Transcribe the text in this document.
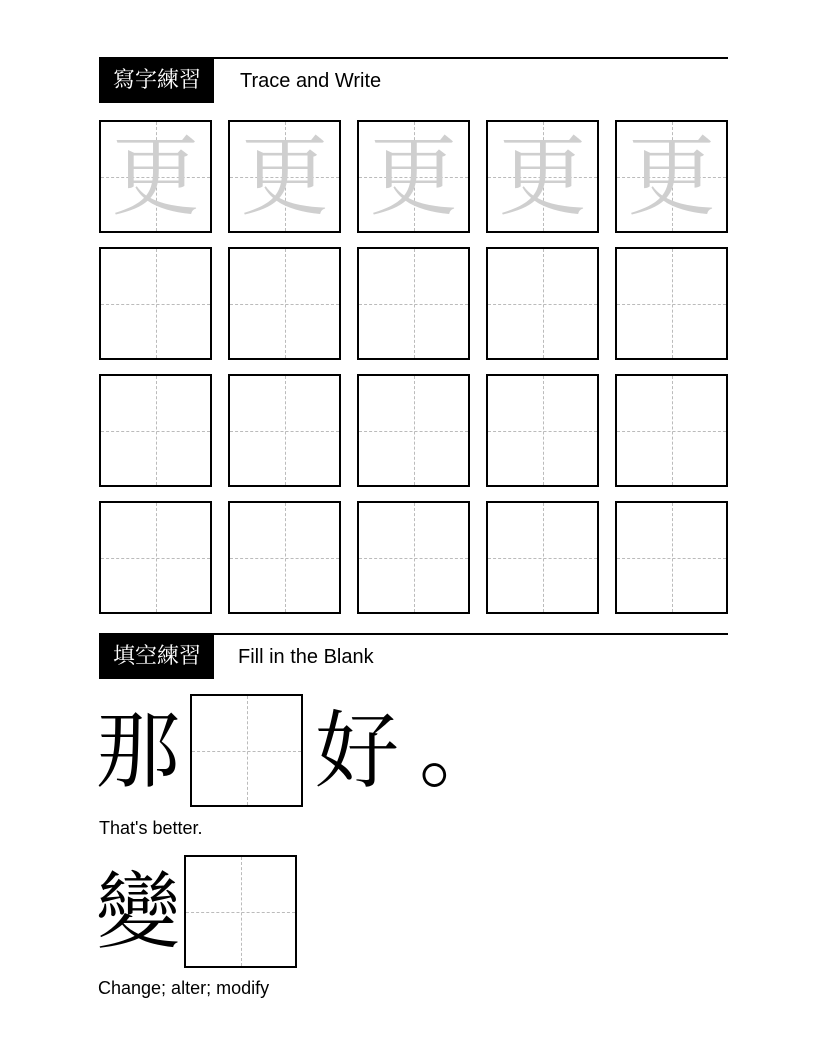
寫字練習	Trace and Write
更 更 更 更 更
填空練習	Fill in the Blank
那 好 。
That's better.
變
Change; alter; modify
